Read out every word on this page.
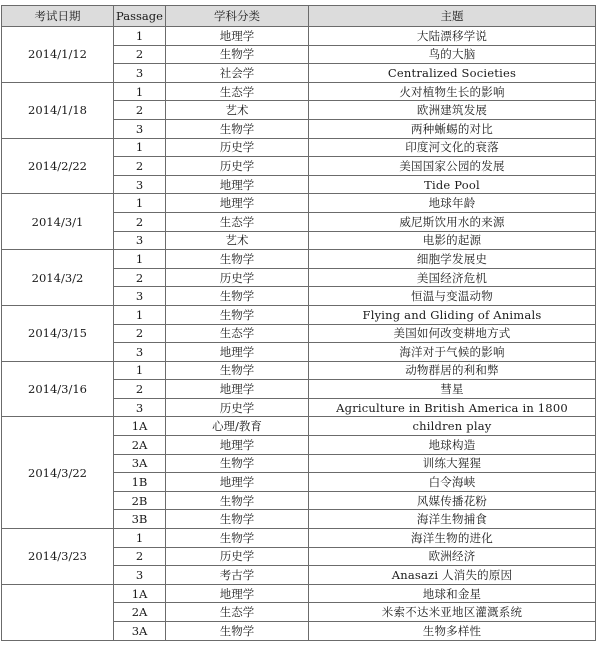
考试日期	Passage	学科分类	主题
2014/1/12	1	地理学	大陆漂移学说
	2	生物学	鸟的大脑
	3	社会学	Centralized Societies
2014/1/18	1	生态学	火对植物生长的影响
	2	艺术	欧洲建筑发展
	3	生物学	两种蜥蜴的对比
2014/2/22	1	历史学	印度河文化的衰落
	2	历史学	美国国家公园的发展
	3	地理学	Tide Pool
2014/3/1	1	地理学	地球年龄
	2	生态学	威尼斯饮用水的来源
	3	艺术	电影的起源
2014/3/2	1	生物学	细胞学发展史
	2	历史学	美国经济危机
	3	生物学	恒温与变温动物
2014/3/15	1	生物学	Flying and Gliding of Animals
	2	生态学	美国如何改变耕地方式
	3	地理学	海洋对于气候的影响
2014/3/16	1	生物学	动物群居的利和弊
	2	地理学	彗星
	3	历史学	Agriculture in British America in 1800
2014/3/22	1A	心理/教育	children play
	2A	地理学	地球构造
	3A	生物学	训练大猩猩
	1B	地理学	白令海峡
	2B	生物学	风媒传播花粉
	3B	生物学	海洋生物捕食
2014/3/23	1	生物学	海洋生物的进化
	2	历史学	欧洲经济
	3	考古学	Anasazi 人消失的原因
	1A	地理学	地球和金星
	2A	生态学	米索不达米亚地区灌溉系统
	3A	生物学	生物多样性
